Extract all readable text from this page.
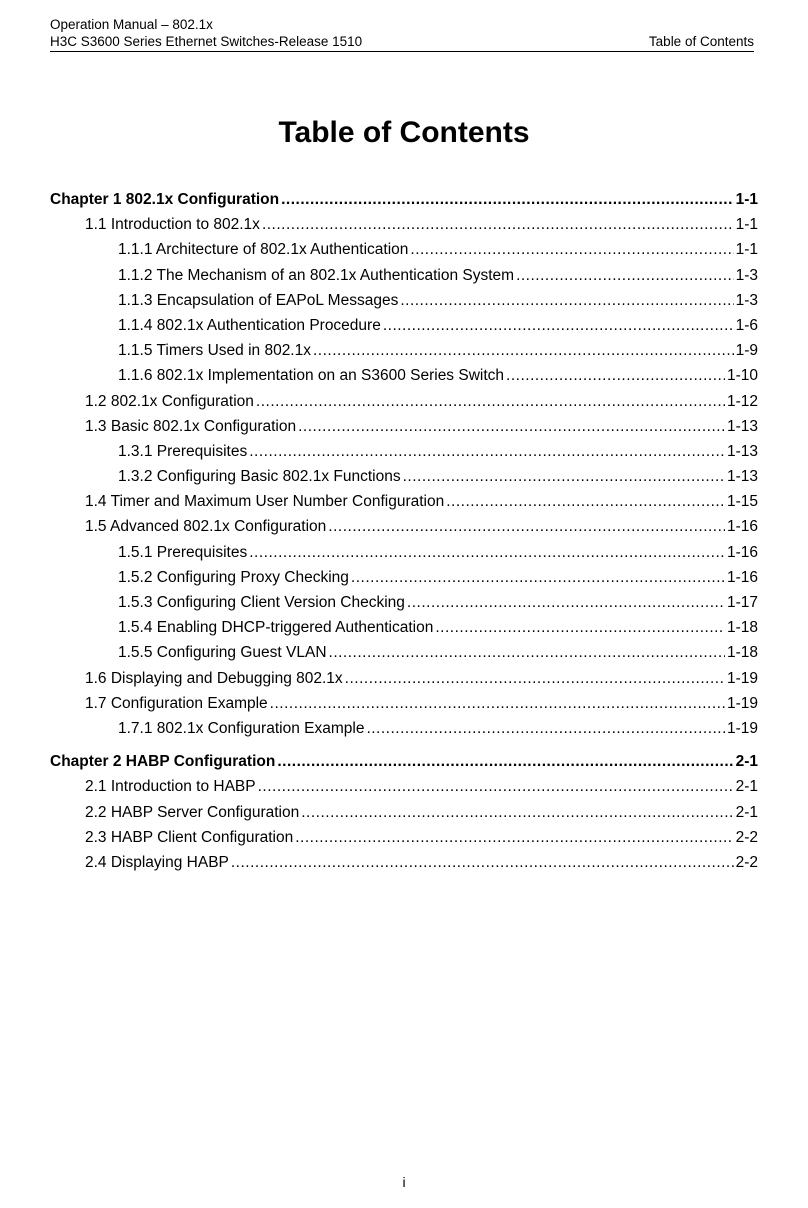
Operation Manual – 802.1x
H3C S3600 Series Ethernet Switches-Release 1510	Table of Contents
Table of Contents
Chapter 1 802.1x Configuration .....	1-1
1.1 Introduction to 802.1x .....	1-1
1.1.1 Architecture of 802.1x Authentication .....	1-1
1.1.2 The Mechanism of an 802.1x Authentication System .....	1-3
1.1.3 Encapsulation of EAPoL Messages .....	1-3
1.1.4 802.1x Authentication Procedure .....	1-6
1.1.5 Timers Used in 802.1x .....	1-9
1.1.6 802.1x Implementation on an S3600 Series Switch .....	1-10
1.2 802.1x Configuration .....	1-12
1.3 Basic 802.1x Configuration .....	1-13
1.3.1 Prerequisites .....	1-13
1.3.2 Configuring Basic 802.1x Functions .....	1-13
1.4 Timer and Maximum User Number Configuration .....	1-15
1.5 Advanced 802.1x Configuration .....	1-16
1.5.1 Prerequisites .....	1-16
1.5.2 Configuring Proxy Checking .....	1-16
1.5.3 Configuring Client Version Checking .....	1-17
1.5.4 Enabling DHCP-triggered Authentication .....	1-18
1.5.5 Configuring Guest VLAN .....	1-18
1.6 Displaying and Debugging 802.1x .....	1-19
1.7 Configuration Example .....	1-19
1.7.1 802.1x Configuration Example .....	1-19
Chapter 2 HABP Configuration .....	2-1
2.1 Introduction to HABP .....	2-1
2.2 HABP Server Configuration .....	2-1
2.3 HABP Client Configuration .....	2-2
2.4 Displaying HABP .....	2-2
i
